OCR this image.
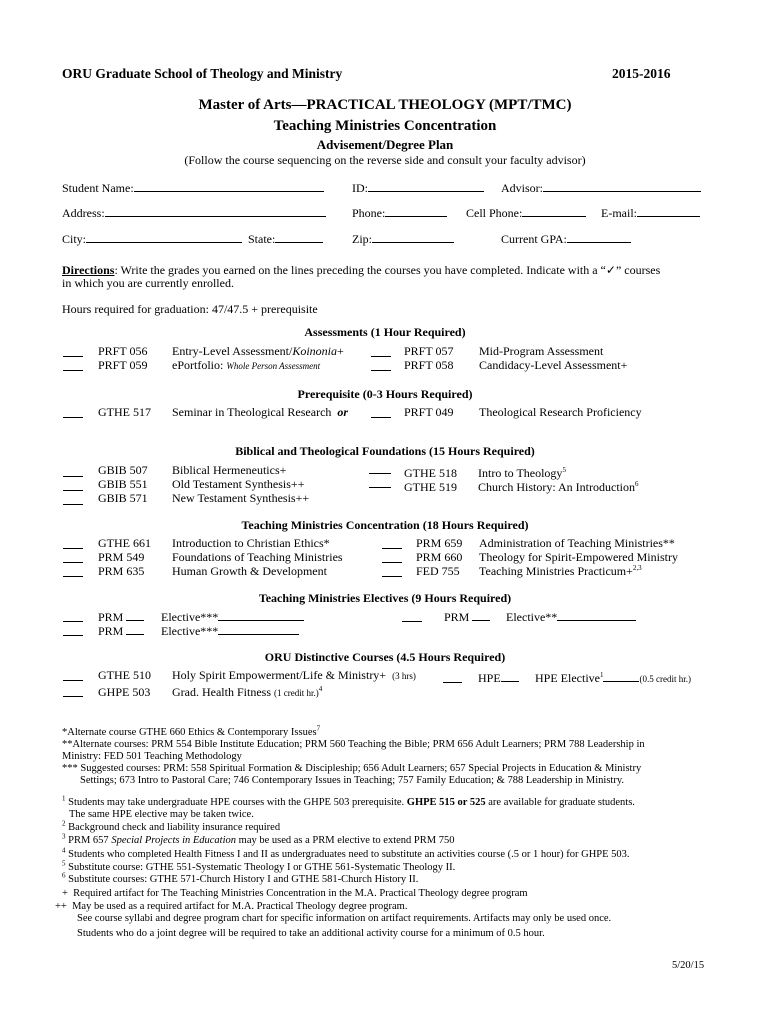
ORU Graduate School of Theology and Ministry	2015-2016
Master of Arts—PRACTICAL THEOLOGY (MPT/TMC)
Teaching Ministries Concentration
Advisement/Degree Plan
(Follow the course sequencing on the reverse side and consult your faculty advisor)
Student Name:	ID:	Advisor:
Address:	Phone:	Cell Phone:	E-mail:
City:	State:	Zip:	Current GPA:
Directions: Write the grades you earned on the lines preceding the courses you have completed. Indicate with a “✓” courses
in which you are currently enrolled.
Hours required for graduation: 47/47.5 + prerequisite
Assessments (1 Hour Required)
PRFT 056 Entry-Level Assessment/Koinonia+
PRFT 059 ePortfolio: Whole Person Assessment
PRFT 057 Mid-Program Assessment
PRFT 058 Candidacy-Level Assessment+
Prerequisite (0-3 Hours Required)
GTHE 517 Seminar in Theological Research or	PRFT 049 Theological Research Proficiency
Biblical and Theological Foundations (15 Hours Required)
GBIB 507 Biblical Hermeneutics+
GBIB 551 Old Testament Synthesis++
GBIB 571 New Testament Synthesis++
GTHE 518 Intro to Theology$^5$
GTHE 519 Church History: An Introduction$^6$
Teaching Ministries Concentration (18 Hours Required)
GTHE 661 Introduction to Christian Ethics*
PRM 549 Foundations of Teaching Ministries
PRM 635 Human Growth & Development
PRM 659 Administration of Teaching Ministries**
PRM 660 Theology for Spirit-Empowered Ministry
FED 755 Teaching Ministries Practicum+$^{2,3}$
Teaching Ministries Electives (9 Hours Required)
PRM	Elective***
PRM	Elective***
PRM	Elective**
ORU Distinctive Courses (4.5 Hours Required)
GTHE 510 Holy Spirit Empowerment/Life & Ministry+ (3 hrs)
GHPE 503 Grad. Health Fitness (1 credit hr.)$^4$
HPE	HPE Elective$^1$	(0.5 credit hr.)
*Alternate course GTHE 660 Ethics & Contemporary Issues$^7$
**Alternate courses: PRM 554 Bible Institute Education; PRM 560 Teaching the Bible; PRM 656 Adult Learners; PRM 788 Leadership in
Ministry: FED 501 Teaching Methodology
*** Suggested courses: PRM: 558 Spiritual Formation & Discipleship; 656 Adult Learners; 657 Special Projects in Education & Ministry
Settings; 673 Intro to Pastoral Care; 746 Contemporary Issues in Teaching; 757 Family Education; & 788 Leadership in Ministry.
$^1$ Students may take undergraduate HPE courses with the GHPE 503 prerequisite. GHPE 515 or 525 are available for graduate students.
The same HPE elective may be taken twice.
$^2$ Background check and liability insurance required
$^3$ PRM 657 Special Projects in Education may be used as a PRM elective to extend PRM 750
$^4$ Students who completed Health Fitness I and II as undergraduates need to substitute an activities course (.5 or 1 hour) for GHPE 503.
$^5$ Substitute course: GTHE 551-Systematic Theology I or GTHE 561-Systematic Theology II.
$^6$ Substitute courses: GTHE 571-Church History I and GTHE 581-Church History II.
+ Required artifact for The Teaching Ministries Concentration in the M.A. Practical Theology degree program
++ May be used as a required artifact for M.A. Practical Theology degree program.
See course syllabi and degree program chart for specific information on artifact requirements. Artifacts may only be used once.
Students who do a joint degree will be required to take an additional activity course for a minimum of 0.5 hour.
5/20/15
